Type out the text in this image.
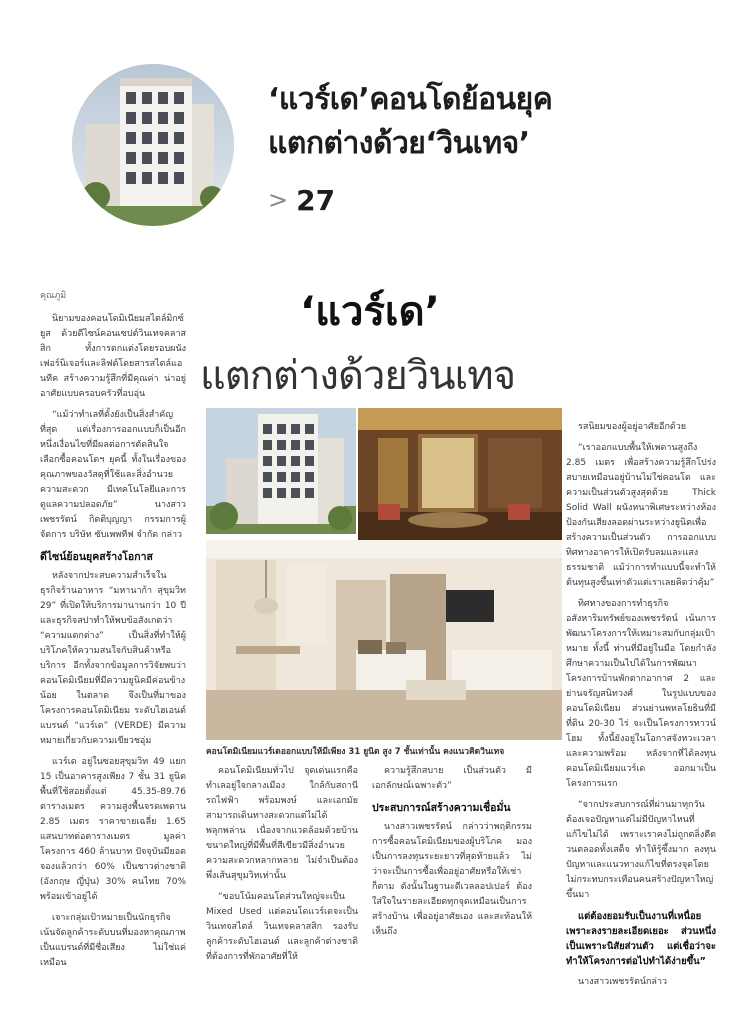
‘แวร์เด’คอนโดย้อนยุค
แตกต่างด้วย‘วินเทจ’
> 27
คุณภูมิ	‘แวร์เด’
แตกต่างด้วยวินเทจ

นิยามของคอนโดมิเนียมสไตล์มิกซ์ยูส ด้วยดีไซน์คอนเซปต์วินเทจคลาสสิก ทั้งการตกแต่งโดยรอบผนัง เฟอร์นิเจอร์และลิฟต์โดยสารสไตล์แอนทีค สร้างความรู้สึกที่มีคุณค่า น่าอยู่อาศัยแบบครอบครัวที่อบอุ่น

“แม้ว่าทำเลที่ตั้งยังเป็นสิ่งสำคัญที่สุด แต่เรื่องการออกแบบก็เป็นอีกหนึ่งเงื่อนไขที่มีผลต่อการตัดสินใจเลือกซื้อคอนโดฯ ยุคนี้ ทั้งในเรื่องของคุณภาพของวัสดุที่ใช้และสิ่งอำนวยความสะดวก มีเทคโนโลยีและการดูแลความปลอดภัย” นางสาวเพชรรัตน์ กิตติบุญญา กรรมการผู้จัดการ บริษัท ซับเพพทีฟ จำกัด กล่าว

ดีไซน์ย้อนยุคสร้างโอกาส

หลังจากประสบความสำเร็จในธุรกิจร้านอาหาร “มหานาก้า สุขุมวิท 29” ที่เปิดให้บริการมานานกว่า 10 ปี และธุรกิจสปาทำให้พบข้อสังเกตว่า “ความแตกต่าง” เป็นสิ่งที่ทำให้ผู้บริโภคให้ความสนใจกับสินค้าหรือบริการ อีกทั้งจากข้อมูลการวิจัยพบว่า คอนโดมิเนียมที่มีความยูนิคมีค่อนข้างน้อย ในตลาด จึงเป็นที่มาของโครงการคอนโดมิเนียม ระดับไฮเอนด์แบรนด์ “แวร์เด” (VERDE) มีความหมายเกี่ยวกับความเขียวชอุ่ม

แวร์เด อยู่ในซอยสุขุมวิท 49 แยก 15 เป็นอาคารสูงเพียง 7 ชั้น 31 ยูนิต พื้นที่ใช้สอยตั้งแต่ 45.35-89.76 ตารางเมตร ความสูงพื้นจรดเพดาน 2.85 เมตร ราคาขายเฉลี่ย 1.65 แสนบาทต่อตารางเมตร มูลค่าโครงการ 460 ล้านบาท ปัจจุบันมียอดจองแล้วกว่า 60% เป็นชาวต่างชาติ (อังกฤษ ญี่ปุ่น) 30% คนไทย 70% พร้อมเข้าอยู่ได้

เจาะกลุ่มเป้าหมายเป็นนักธุรกิจ เน้นจัดลูกค้าระดับบนที่มองหาคุณภาพ เป็นแบรนด์ที่มีชื่อเสียง ไม่ใช่แค่เหมือน

คอนโดมิเนียมแวร์เดออกแบบให้มีเพียง 31 ยูนิต สูง 7 ชั้นเท่านั้น คงแนวคิดวินเทจ

คอนโดมิเนียมทั่วไป จุดเด่นแรกคือทำเลอยู่ใจกลางเมือง ใกล้กับสถานีรถไฟฟ้า พร้อมพงษ์ และเอกมัย สามารถเดินทางสะดวกแต่ไม่ได้พลุกพล่าน เนื่องจากแวดล้อมด้วยบ้านขนาดใหญ่ที่มีพื้นที่สีเขียวมีสิ่งอำนวยความสะดวกหลากหลาย ไม่จำเป็นต้องพึ่งเส้นสุขุมวิทเท่านั้น

“ขอบโน้มคอนโดส่วนใหญ่จะเป็น Mixed Used แต่คอนโดแวร์เดจะเป็นวินเทจสไตล์ วินเทจคลาสสิก รองรับลูกค้าระดับไฮเอนด์ และลูกค้าต่างชาติที่ต้องการที่พักอาศัยที่ให้

ความรู้สึกสบาย เป็นส่วนตัว มีเอกลักษณ์เฉพาะตัว”

ประสบการณ์สร้างความเชื่อมั่น

นางสาวเพชรรัตน์ กล่าวว่าพฤติกรรมการซื้อคอนโดมิเนียมของผู้บริโภค มองเป็นการลงทุนระยะยาวที่สุดท้ายแล้ว ไม่ว่าจะเป็นการซื้อเพื่ออยู่อาศัยหรือให้เช่าก็ตาม ดังนั้นในฐานะดีเวลลอปเปอร์ ต้องใส่ใจในรายละเอียดทุกจุดเหมือนเป็นการสร้างบ้าน เพื่ออยู่อาศัยเอง และสะท้อนให้เห็นถึง

รสนิยมของผู้อยู่อาศัยอีกด้วย

“เราออกแบบพื้นให้เพดานสูงถึง 2.85 เมตร เพื่อสร้างความรู้สึกโปร่งสบายเหมือนอยู่บ้านไม่ใช่คอนโด และความเป็นส่วนตัวสูงสุดด้วย Thick Solid Wall ผนังหนาพิเศษระหว่างห้อง ป้องกันเสียงลอดผ่านระหว่างยูนิตเพื่อสร้างความเป็นส่วนตัว การออกแบบทิศทางอาคารให้เปิดรับลมและแสงธรรมชาติ แม้ว่าการทำแบบนี้จะทำให้ต้นทุนสูงขึ้นเท่าตัวแต่เราเลยคิดว่าคุ้ม”

ทิศทางของการทำธุรกิจอสังหาริมทรัพย์ของเพชรรัตน์ เน้นการพัฒนาโครงการให้เหมาะสมกับกลุ่มเป้าหมาย ทั้งนี้ ท่านที่มีอยู่ในมือ โดยกำลังศึกษาความเป็นไปได้ในการพัฒนาโครงการบ้านพักตากอากาศ 2 และย่านจรัญสนิทวงศ์ ในรูปแบบของคอนโดมิเนียม ส่วนย่านพหลโยธินที่มีที่ดิน 20-30 ไร่ จะเป็นโครงการทาวน์โฮม ทั้งนี้ยังอยู่ในโอกาสจังหวะเวลาและความพร้อม หลังจากที่ได้ลงทุนคอนโดมิเนียมแวร์เด ออกมาเป็นโครงการแรก

“จากประสบการณ์ที่ผ่านมาทุกวันต้องเจอปัญหาแต่ไม่มีปัญหาไหนที่แก้ไขไม่ได้ เพราะเราคงไม่ถูกตลิ่งตีตวนตลอดทั้งเสด็จ ทำให้รู้ซึ้งมาก ลงทุนปัญหาและแนวทางแก้ไขที่ตรงจุดโดยไม่กระทบกระเทือนคนสร้างปัญหาใหญ่ขึ้นมา

แต่ต้องยอมรับเป็นงานที่เหนื่อยเพราะลงรายละเอียดเยอะ ส่วนหนึ่งเป็นเพราะนิสัยส่วนตัว แต่เชื่อว่าจะทำให้โครงการต่อไปทำได้ง่ายขึ้น”

นางสาวเพชรรัตน์กล่าว
